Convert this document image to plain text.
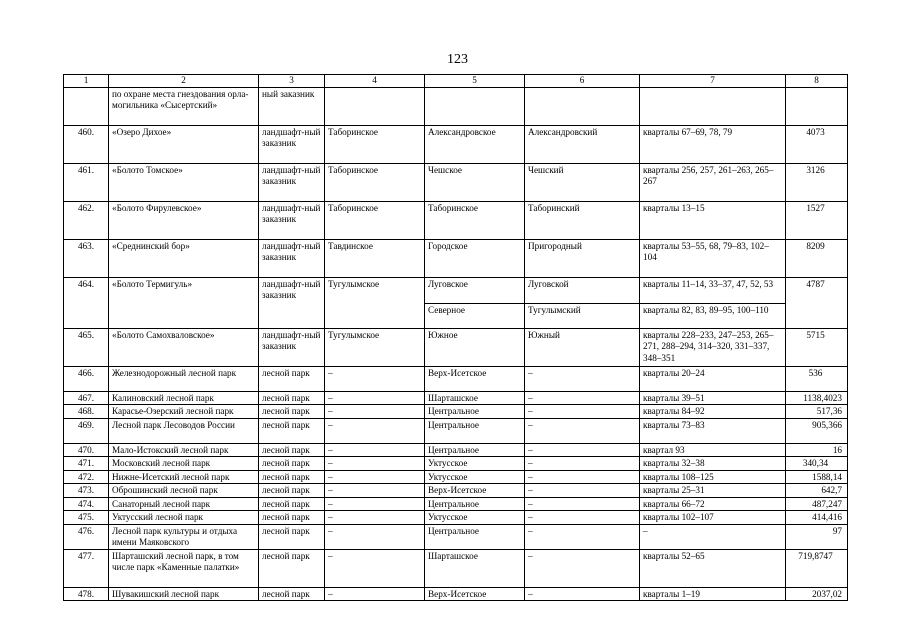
123
1	2	3	4	5	6	7	8
	по охране места гнездования орла-могильника «Сысертский»	ный заказник					
460.	«Озеро Дихое»	ландшафт-ный заказник	Таборинское	Александровское	Александровский	кварталы 67–69, 78, 79	4073
461.	«Болото Томское»	ландшафт-ный заказник	Таборинское	Чешское	Чешский	кварталы 256, 257, 261–263, 265–267	3126
462.	«Болото Фирулевское»	ландшафт-ный заказник	Таборинское	Таборинское	Таборинский	кварталы 13–15	1527
463.	«Среднинский бор»	ландшафт-ный заказник	Тавдинское	Городское	Пригородный	кварталы 53–55, 68, 79–83, 102–104	8209
464.	«Болото Термигуль»	ландшафт-ный заказник	Тугулымское	Луговское	Луговской	кварталы 11–14, 33–37, 47, 52, 53	4787
				Северное	Тугулымский	кварталы 82, 83, 89–95, 100–110	
465.	«Болото Самохваловское»	ландшафт-ный заказник	Тугулымское	Южное	Южный	кварталы 228–233, 247–253, 265–271, 288–294, 314–320, 331–337, 348–351	5715
466.	Железнодорожный лесной парк	лесной парк	–	Верх-Исетское	–	кварталы 20–24	536
467.	Калиновский лесной парк	лесной парк	–	Шарташское	–	кварталы 39–51	1138,4023
468.	Карасье-Озерский лесной парк	лесной парк	–	Центральное	–	кварталы 84–92	517,36
469.	Лесной парк Лесоводов России	лесной парк	–	Центральное	–	кварталы 73–83	905,366
470.	Мало-Истокский лесной парк	лесной парк	–	Центральное	–	квартал 93	16
471.	Московский лесной парк	лесной парк	–	Уктусское	–	кварталы 32–38	340,34
472.	Нижне-Исетский лесной парк	лесной парк	–	Уктусское	–	кварталы 108–125	1588,14
473.	Оброшинский лесной парк	лесной парк	–	Верх-Исетское	–	кварталы 25–31	642,7
474.	Санаторный лесной парк	лесной парк	–	Центральное	–	кварталы 66–72	487,247
475.	Уктусский лесной парк	лесной парк	–	Уктусское	–	кварталы 102–107	414,416
476.	Лесной парк культуры и отдыха имени Маяковского	лесной парк	–	Центральное	–	–	97
477.	Шарташский лесной парк, в том числе парк «Каменные палатки»	лесной парк	–	Шарташское	–	кварталы 52–65	719,8747
478.	Шувакишский лесной парк	лесной парк	–	Верх-Исетское	–	кварталы 1–19	2037,02
